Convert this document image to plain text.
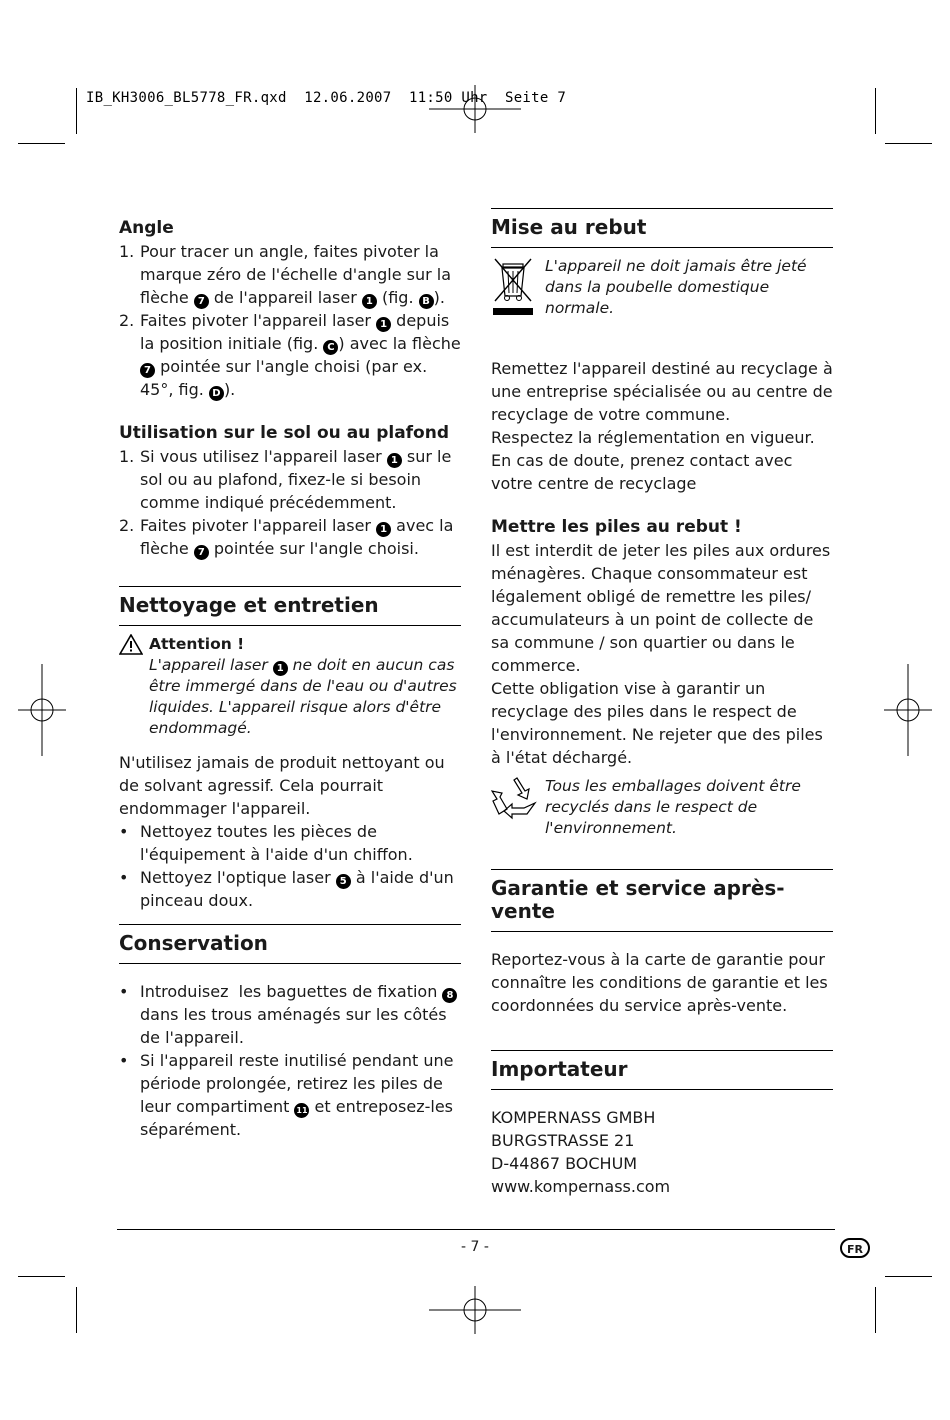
IB_KH3006_BL5778_FR.qxd  12.06.2007  11:50 Uhr  Seite 7

Angle

1. Pour tracer un angle, faites pivoter la marque zéro de l'échelle d'angle sur la flèche 7 de l'appareil laser 1 (fig. B ).
2. Faites pivoter l'appareil laser 1 depuis la position initiale (fig. C ) avec la flèche 7 pointée sur l'angle choisi (par ex. 45°, fig. D ).

Utilisation sur le sol ou au plafond

1. Si vous utilisez l'appareil laser 1 sur le sol ou au plafond, fixez-le si besoin comme indiqué précédemment.
2. Faites pivoter l'appareil laser 1 avec la flèche 7 pointée sur l'angle choisi.

Nettoyage et entretien

Attention !
L'appareil laser 1 ne doit en aucun cas être immergé dans de l'eau ou d'autres liquides. L'appareil risque alors d'être endommagé.

N'utilisez jamais de produit nettoyant ou de solvant agressif. Cela pourrait endommager l'appareil.

• Nettoyez toutes les pièces de l'équipement à l'aide d'un chiffon.
• Nettoyez l'optique laser 5 à l'aide d'un pinceau doux.

Conservation

• Introduisez  les baguettes de fixation 8 dans les trous aménagés sur les côtés de l'appareil.
• Si l'appareil reste inutilisé pendant une période prolongée, retirez les piles de leur compartiment 11 et entreposez-les séparément.

Mise au rebut

L'appareil ne doit jamais être jeté dans la poubelle domestique normale.

Remettez l'appareil destiné au recyclage à une entreprise spécialisée ou au centre de recyclage de votre commune.

Respectez la réglementation en vigueur.

En cas de doute, prenez contact avec votre centre de recyclage

Mettre les piles au rebut !

Il est interdit de jeter les piles aux ordures ménagères. Chaque consommateur est légalement obligé de remettre les piles/ accumulateurs à un point de collecte de sa commune / son quartier ou dans le commerce.

Cette obligation vise à garantir un recyclage des piles dans le respect de l'environnement. Ne rejeter que des piles à l'état déchargé.

Tous les emballages doivent être recyclés dans le respect de l'environnement.

Garantie et service après-vente

Reportez-vous à la carte de garantie pour connaître les conditions de garantie et les coordonnées du service après-vente.

Importateur

KOMPERNASS GMBH

BURGSTRASSE 21

D-44867 BOCHUM

www.kompernass.com

- 7 -	FR
